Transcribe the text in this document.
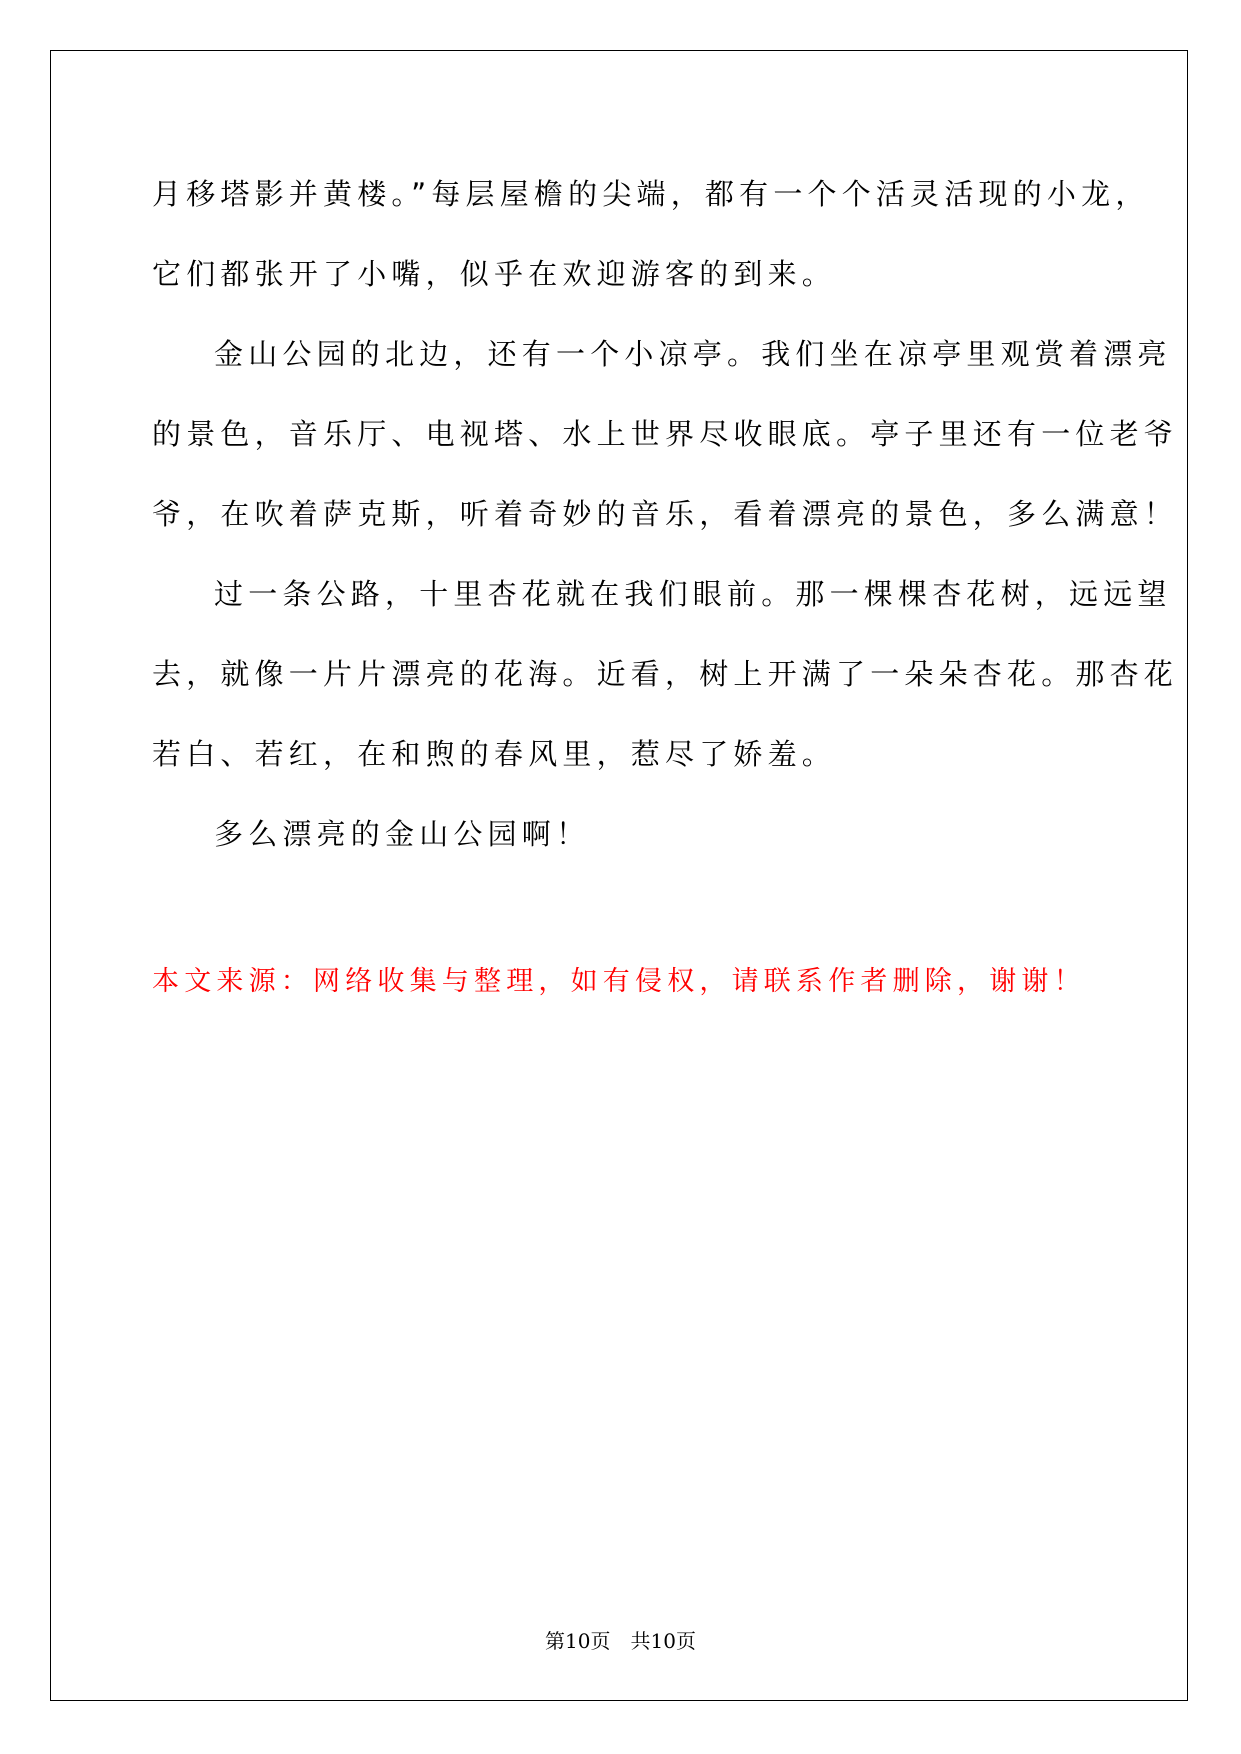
月移塔影并黄楼。”每层屋檐的尖端，都有一个个活灵活现的小龙，
它们都张开了小嘴，似乎在欢迎游客的到来。
金山公园的北边，还有一个小凉亭。我们坐在凉亭里观赏着漂亮
的景色，音乐厅、电视塔、水上世界尽收眼底。亭子里还有一位老爷
爷，在吹着萨克斯，听着奇妙的音乐，看着漂亮的景色，多么满意！
过一条公路，十里杏花就在我们眼前。那一棵棵杏花树，远远望
去，就像一片片漂亮的花海。近看，树上开满了一朵朵杏花。那杏花
若白、若红，在和煦的春风里，惹尽了娇羞。
多么漂亮的金山公园啊！
本文来源：网络收集与整理，如有侵权，请联系作者删除，谢谢！
第10页 共10页
